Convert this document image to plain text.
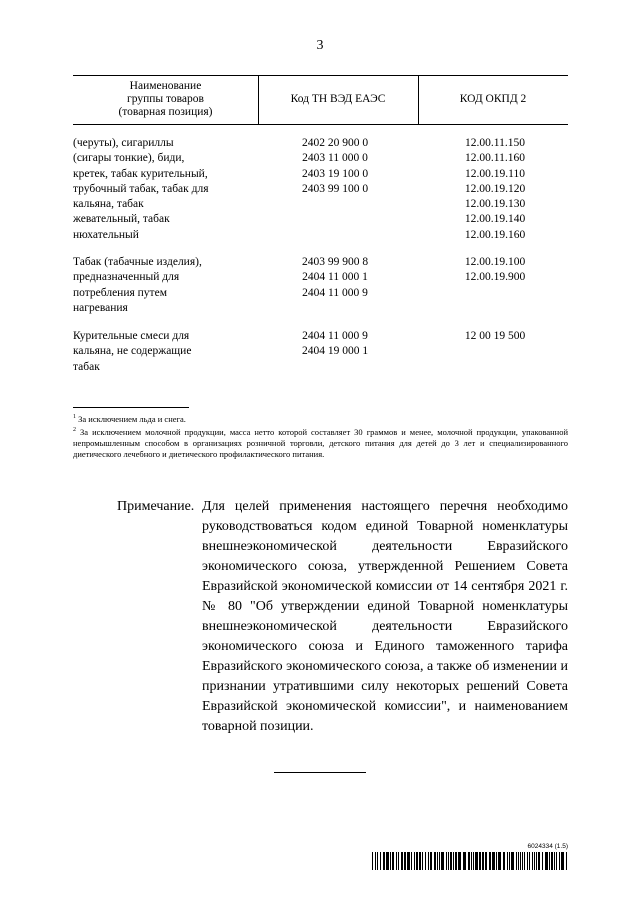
3
Наименование
группы товаров
(товарная позиция)
Код ТН ВЭД ЕАЭС	КОД ОКПД 2
(черуты), сигариллы
(сигары тонкие), биди,
кретек, табак курительный,
трубочный табак, табак для
кальяна, табак
жевательный, табак
нюхательный
2402 20 900 0
2403 11 000 0
2403 19 100 0
2403 99 100 0
12.00.11.150
12.00.11.160
12.00.19.110
12.00.19.120
12.00.19.130
12.00.19.140
12.00.19.160
Табак (табачные изделия),
предназначенный для
потребления путем
нагревания
2403 99 900 8
2404 11 000 1
2404 11 000 9
12.00.19.100
12.00.19.900
Курительные смеси для
кальяна, не содержащие
табак
2404 11 000 9
2404 19 000 1
12 00 19 500
$^1$ За исключением льда и снега.
$^2$ За исключением молочной продукции, масса нетто которой составляет 30 граммов и менее, молочной продукции, упакованной непромышленным способом в организациях розничной торговли, детского питания для детей до 3 лет и специализированного диетического лечебного и диетического профилактического питания.
Примечание. Для целей применения настоящего перечня необходимо руководствоваться кодом единой Товарной номенклатуры внешнеэкономической деятельности Евразийского экономического союза, утвержденной Решением Совета Евразийской экономической комиссии от 14 сентября 2021 г. № 80 "Об утверждении единой Товарной номенклатуры внешнеэкономической деятельности Евразийского экономического союза и Единого таможенного тарифа Евразийского экономического союза, а также об изменении и признании утратившими силу некоторых решений Совета Евразийской экономической комиссии", и наименованием товарной позиции.
6024334 (1.5)
